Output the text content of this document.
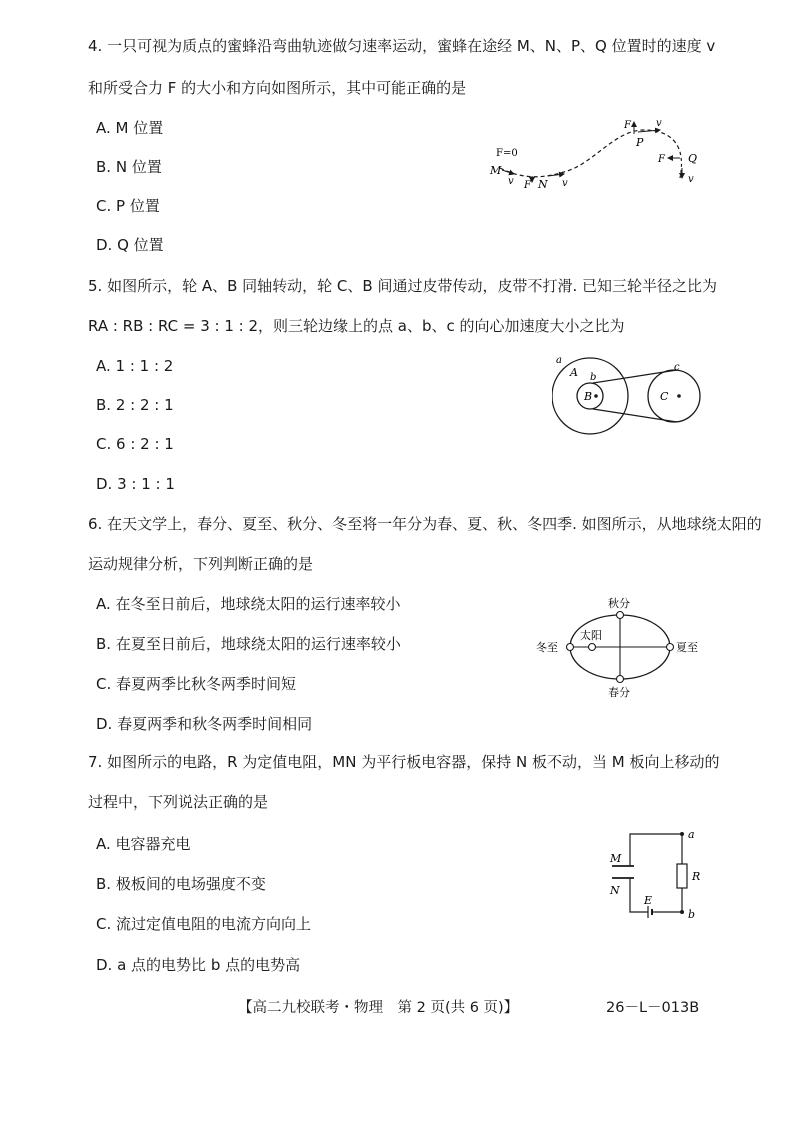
4. 一只可视为质点的蜜蜂沿弯曲轨迹做匀速率运动，蜜蜂在途经 M、N、P、Q 位置时的速度 v
和所受合力 F 的大小和方向如图所示，其中可能正确的是
A. M 位置
B. N 位置
C. P 位置
D. Q 位置
F=0
M
v F N v
F	v
P
F Q
v
5. 如图所示，轮 A、B 同轴转动，轮 C、B 间通过皮带传动，皮带不打滑. 已知三轮半径之比为
RA : RB : RC = 3 : 1 : 2，则三轮边缘上的点 a、b、c 的向心加速度大小之比为
A. 1 : 1 : 2
B. 2 : 2 : 1
C. 6 : 2 : 1
D. 3 : 1 : 1
a
A b
B
c
C
6. 在天文学上，春分、夏至、秋分、冬至将一年分为春、夏、秋、冬四季. 如图所示，从地球绕太阳的
运动规律分析，下列判断正确的是
A. 在冬至日前后，地球绕太阳的运行速率较小
B. 在夏至日前后，地球绕太阳的运行速率较小
C. 春夏两季比秋冬两季时间短
D. 春夏两季和秋冬两季时间相同
秋分
太阳
冬至	夏至
春分
7. 如图所示的电路，R 为定值电阻，MN 为平行板电容器，保持 N 板不动，当 M 板向上移动的
过程中，下列说法正确的是
A. 电容器充电
B. 极板间的电场强度不变
C. 流过定值电阻的电流方向向上
D. a 点的电势比 b 点的电势高
a
b
M
N
R
E
【高二九校联考・物理　第 2 页(共 6 页)】	26－L－013B
